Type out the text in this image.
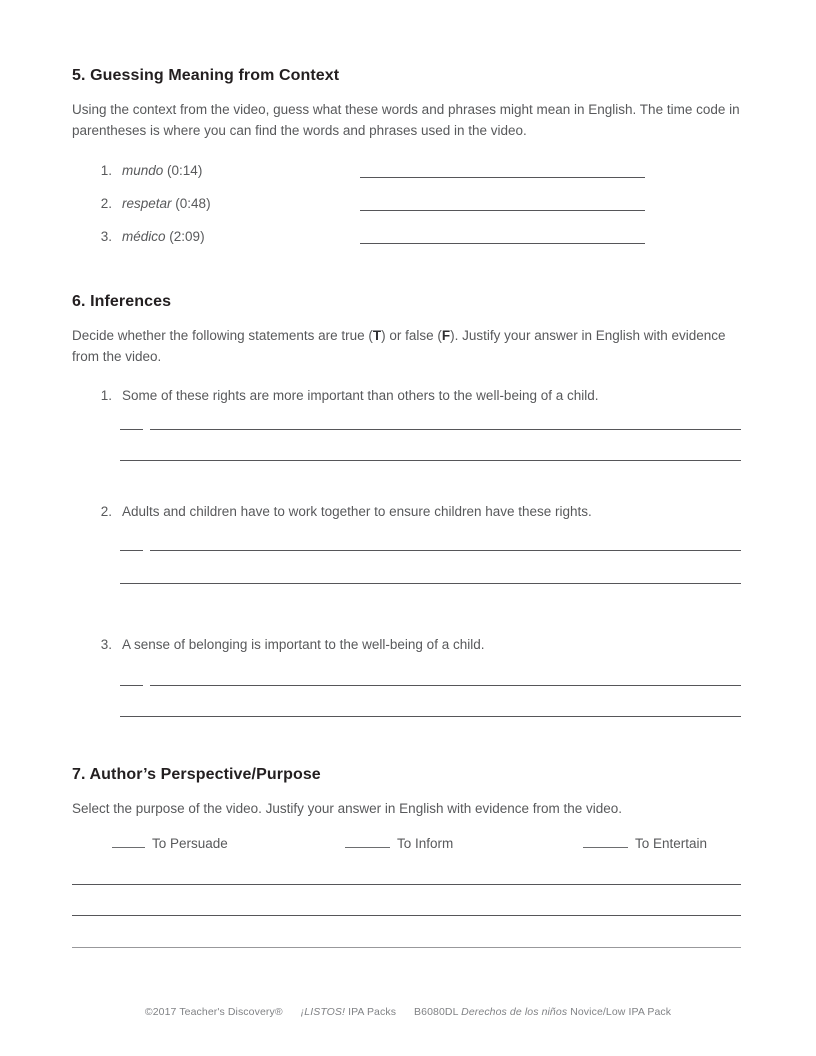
5. Guessing Meaning from Context

Using the context from the video, guess what these words and phrases might mean in English. The time code in parentheses is where you can find the words and phrases used in the video.

1. mundo (0:14)
2. respetar (0:48)
3. médico (2:09)
6. Inferences

Decide whether the following statements are true (T) or false (F). Justify your answer in English with evidence from the video.

1. Some of these rights are more important than others to the well-being of a child.
2. Adults and children have to work together to ensure children have these rights.
3. A sense of belonging is important to the well-being of a child.
7. Author’s Perspective/Purpose

Select the purpose of the video. Justify your answer in English with evidence from the video.

To Persuade	To Inform	To Entertain
©2017 Teacher's Discovery® ¡LISTOS! IPA Packs B6080DL Derechos de los niños Novice/Low IPA Pack
